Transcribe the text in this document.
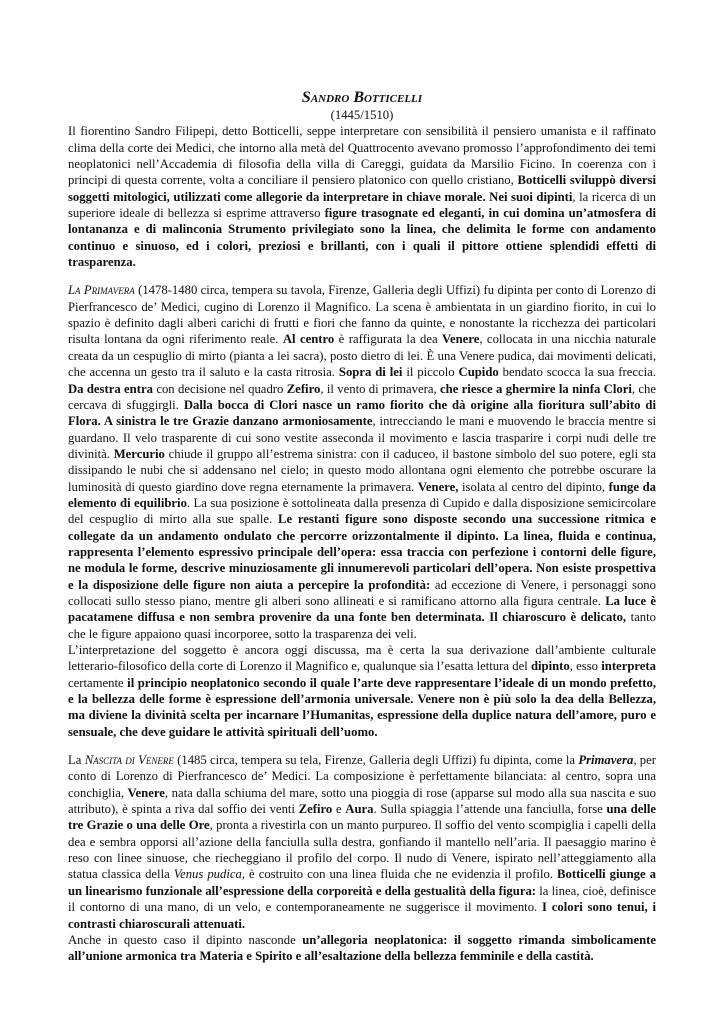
Sandro Botticelli
(1445/1510)

Il fiorentino Sandro Filipepi, detto Botticelli, seppe interpretare con sensibilità il pensiero umanista e il raffinato clima della corte dei Medici, che intorno alla metà del Quattrocento avevano promosso l’approfondimento dei temi neoplatonici nell’Accademia di filosofia della villa di Careggi, guidata da Marsilio Ficino. In coerenza con i principi di questa corrente, volta a conciliare il pensiero platonico con quello cristiano, Botticelli sviluppò diversi soggetti mitologici, utilizzati come allegorie da interpretare in chiave morale. Nei suoi dipinti, la ricerca di un superiore ideale di bellezza si esprime attraverso figure trasognate ed eleganti, in cui domina un’atmosfera di lontananza e di malinconia Strumento privilegiato sono la linea, che delimita le forme con andamento continuo e sinuoso, ed i colori, preziosi e brillanti, con i quali il pittore ottiene splendidi effetti di trasparenza.

La Primavera (1478-1480 circa, tempera su tavola, Firenze, Galleria degli Uffizi) fu dipinta per conto di Lorenzo di Pierfrancesco de’ Medici, cugino di Lorenzo il Magnifico. La scena è ambientata in un giardino fiorito, in cui lo spazio è definito dagli alberi carichi di frutti e fiori che fanno da quinte, e nonostante la ricchezza dei particolari risulta lontana da ogni riferimento reale. Al centro è raffigurata la dea Venere, collocata in una nicchia naturale creata da un cespuglio di mirto (pianta a lei sacra), posto dietro di lei. È una Venere pudica, dai movimenti delicati, che accenna un gesto tra il saluto e la casta ritrosia. Sopra di lei il piccolo Cupido bendato scocca la sua freccia. Da destra entra con decisione nel quadro Zefiro, il vento di primavera, che riesce a ghermire la ninfa Clori, che cercava di sfuggirgli. Dalla bocca di Clori nasce un ramo fiorito che dà origine alla fioritura sull’abito di Flora. A sinistra le tre Grazie danzano armoniosamente, intrecciando le mani e muovendo le braccia mentre si guardano. Il velo trasparente di cui sono vestite asseconda il movimento e lascia trasparire i corpi nudi delle tre divinità. Mercurio chiude il gruppo all’estrema sinistra: con il caduceo, il bastone simbolo del suo potere, egli sta dissipando le nubi che si addensano nel cielo; in questo modo allontana ogni elemento che potrebbe oscurare la luminosità di questo giardino dove regna eternamente la primavera. Venere, isolata al centro del dipinto, funge da elemento di equilibrio. La sua posizione è sottolineata dalla presenza di Cupido e dalla disposizione semicircolare del cespuglio di mirto alla sue spalle. Le restanti figure sono disposte secondo una successione ritmica e collegate da un andamento ondulato che percorre orizzontalmente il dipinto. La linea, fluida e continua, rappresenta l’elemento espressivo principale dell’opera: essa traccia con perfezione i contorni delle figure, ne modula le forme, descrive minuziosamente gli innumerevoli particolari dell’opera. Non esiste prospettiva e la disposizione delle figure non aiuta a percepire la profondità: ad eccezione di Venere, i personaggi sono collocati sullo stesso piano, mentre gli alberi sono allineati e si ramificano attorno alla figura centrale. La luce è pacatamene diffusa e non sembra provenire da una fonte ben determinata. Il chiaroscuro è delicato, tanto che le figure appaiono quasi incorporee, sotto la trasparenza dei veli.

L’interpretazione del soggetto è ancora oggi discussa, ma è certa la sua derivazione dall’ambiente culturale letterario-filosofico della corte di Lorenzo il Magnifico e, qualunque sia l’esatta lettura del dipinto, esso interpreta certamente il principio neoplatonico secondo il quale l’arte deve rappresentare l’ideale di un mondo prefetto, e la bellezza delle forme è espressione dell’armonia universale. Venere non è più solo la dea della Bellezza, ma diviene la divinità scelta per incarnare l’Humanitas, espressione della duplice natura dell’amore, puro e sensuale, che deve guidare le attività spirituali dell’uomo.

La Nascita di Venere (1485 circa, tempera su tela, Firenze, Galleria degli Uffizi) fu dipinta, come la Primavera, per conto di Lorenzo di Pierfrancesco de’ Medici. La composizione è perfettamente bilanciata: al centro, sopra una conchiglia, Venere, nata dalla schiuma del mare, sotto una pioggia di rose (apparse sul modo alla sua nascita e suo attributo), è spinta a riva dal soffio dei venti Zefiro e Aura. Sulla spiaggia l’attende una fanciulla, forse una delle tre Grazie o una delle Ore, pronta a rivestirla con un manto purpureo. Il soffio del vento scompiglia i capelli della dea e sembra opporsi all’azione della fanciulla sulla destra, gonfiando il mantello nell’aria. Il paesaggio marino è reso con linee sinuose, che riecheggiano il profilo del corpo. Il nudo di Venere, ispirato nell’atteggiamento alla statua classica della Venus pudica, è costruito con una linea fluida che ne evidenzia il profilo. Botticelli giunge a un linearismo funzionale all’espressione della corporeità e della gestualità della figura: la linea, cioè, definisce il contorno di una mano, di un velo, e contemporaneamente ne suggerisce il movimento. I colori sono tenui, i contrasti chiaroscurali attenuati.

Anche in questo caso il dipinto nasconde un’allegoria neoplatonica: il soggetto rimanda simbolicamente all’unione armonica tra Materia e Spirito e all’esaltazione della bellezza femminile e della castità.
